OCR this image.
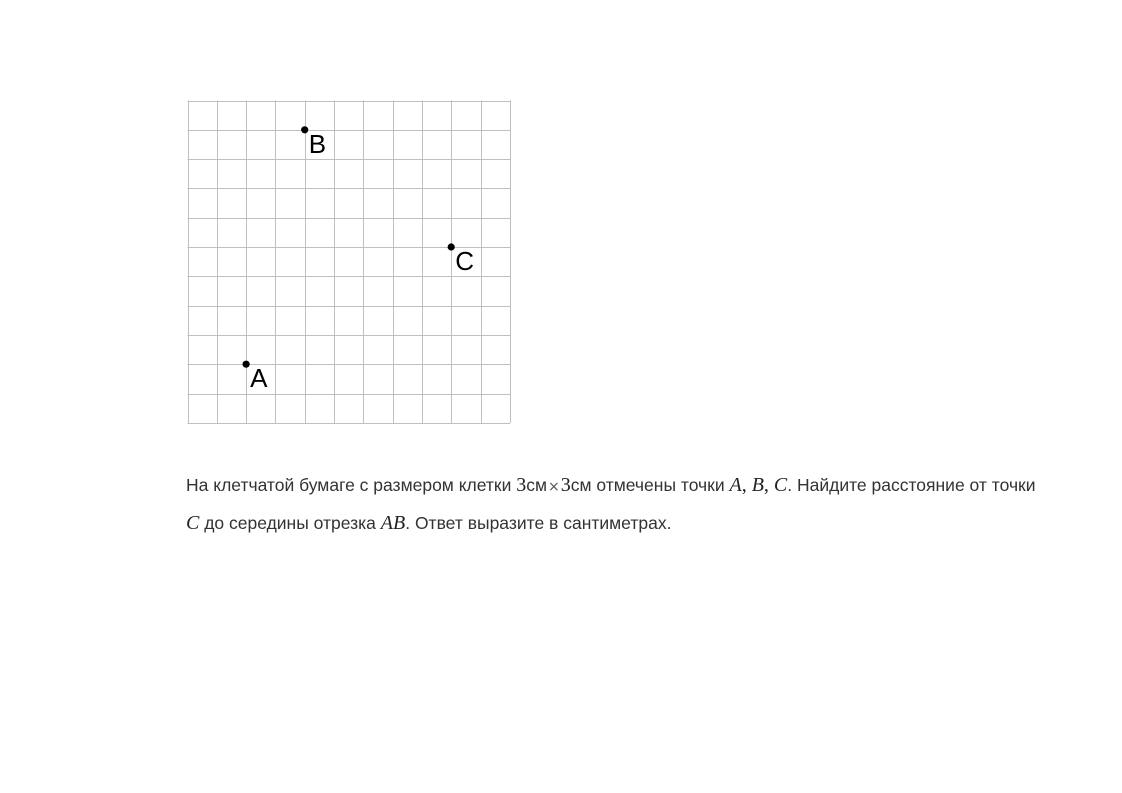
B
C
A
На клетчатой бумаге с размером клетки 3см×3см отмечены точки A, B, C. Найдите расстояние от точки C до середины отрезка AB. Ответ выразите в сантиметрах.
